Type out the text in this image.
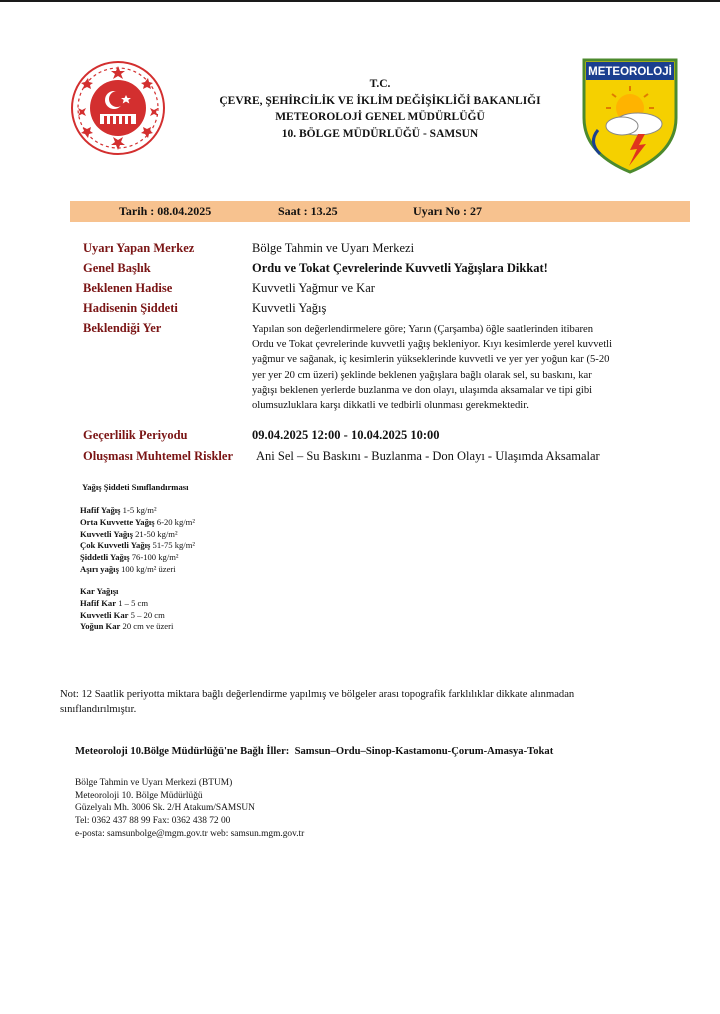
T.C.
ÇEVRE, ŞEHİRCİLİK VE İKLİM DEĞİŞİKLİĞİ BAKANLIĞI
METEOROLOJİ GENEL MÜDÜRLÜĞÜ
10. BÖLGE MÜDÜRLÜĞÜ - SAMSUN
METEOROLOJİ
Tarih : 08.04.2025	Saat : 13.25	Uyarı No : 27
Uyarı Yapan Merkez	Bölge Tahmin ve Uyarı Merkezi
Genel Başlık	Ordu ve Tokat Çevrelerinde Kuvvetli Yağışlara Dikkat!
Beklenen Hadise	Kuvvetli Yağmur ve Kar
Hadisenin Şiddeti	Kuvvetli Yağış
Beklendiği Yer	Yapılan son değerlendirmelere göre; Yarın (Çarşamba) öğle saatlerinden itibaren
Ordu ve Tokat çevrelerinde kuvvetli yağış bekleniyor. Kıyı kesimlerde yerel kuvvetli
yağmur ve sağanak, iç kesimlerin yükseklerinde kuvvetli ve yer yer yoğun kar (5-20
yer yer 20 cm üzeri) şeklinde beklenen yağışlara bağlı olarak sel, su baskını, kar
yağışı beklenen yerlerde buzlanma ve don olayı, ulaşımda aksamalar ve tipi gibi
olumsuzluklara karşı dikkatli ve tedbirli olunması gerekmektedir.
Geçerlilik Periyodu	09.04.2025 12:00 - 10.04.2025 10:00
Oluşması Muhtemel Riskler Ani Sel – Su Baskını - Buzlanma - Don Olayı - Ulaşımda Aksamalar
Yağış Şiddeti Sınıflandırması
Hafif Yağış 1-5 kg/m²
Orta Kuvvette Yağış 6-20 kg/m²
Kuvvetli Yağış 21-50 kg/m²
Çok Kuvvetli Yağış 51-75 kg/m²
Şiddetli Yağış 76-100 kg/m²
Aşırı yağış 100 kg/m² üzeri
Kar Yağışı
Hafif Kar 1 – 5 cm
Kuvvetli Kar 5 – 20 cm
Yoğun Kar 20 cm ve üzeri
Not: 12 Saatlik periyotta miktara bağlı değerlendirme yapılmış ve bölgeler arası topografik farklılıklar dikkate alınmadan
sınıflandırılmıştır.
Meteoroloji 10.Bölge Müdürlüğü'ne Bağlı İller: Samsun–Ordu–Sinop-Kastamonu-Çorum-Amasya-Tokat
Bölge Tahmin ve Uyarı Merkezi (BTUM)
Meteoroloji 10. Bölge Müdürlüğü
Güzelyalı Mh. 3006 Sk. 2/H Atakum/SAMSUN
Tel: 0362 437 88 99 Fax: 0362 438 72 00
e-posta: samsunbolge@mgm.gov.tr web: samsun.mgm.gov.tr
